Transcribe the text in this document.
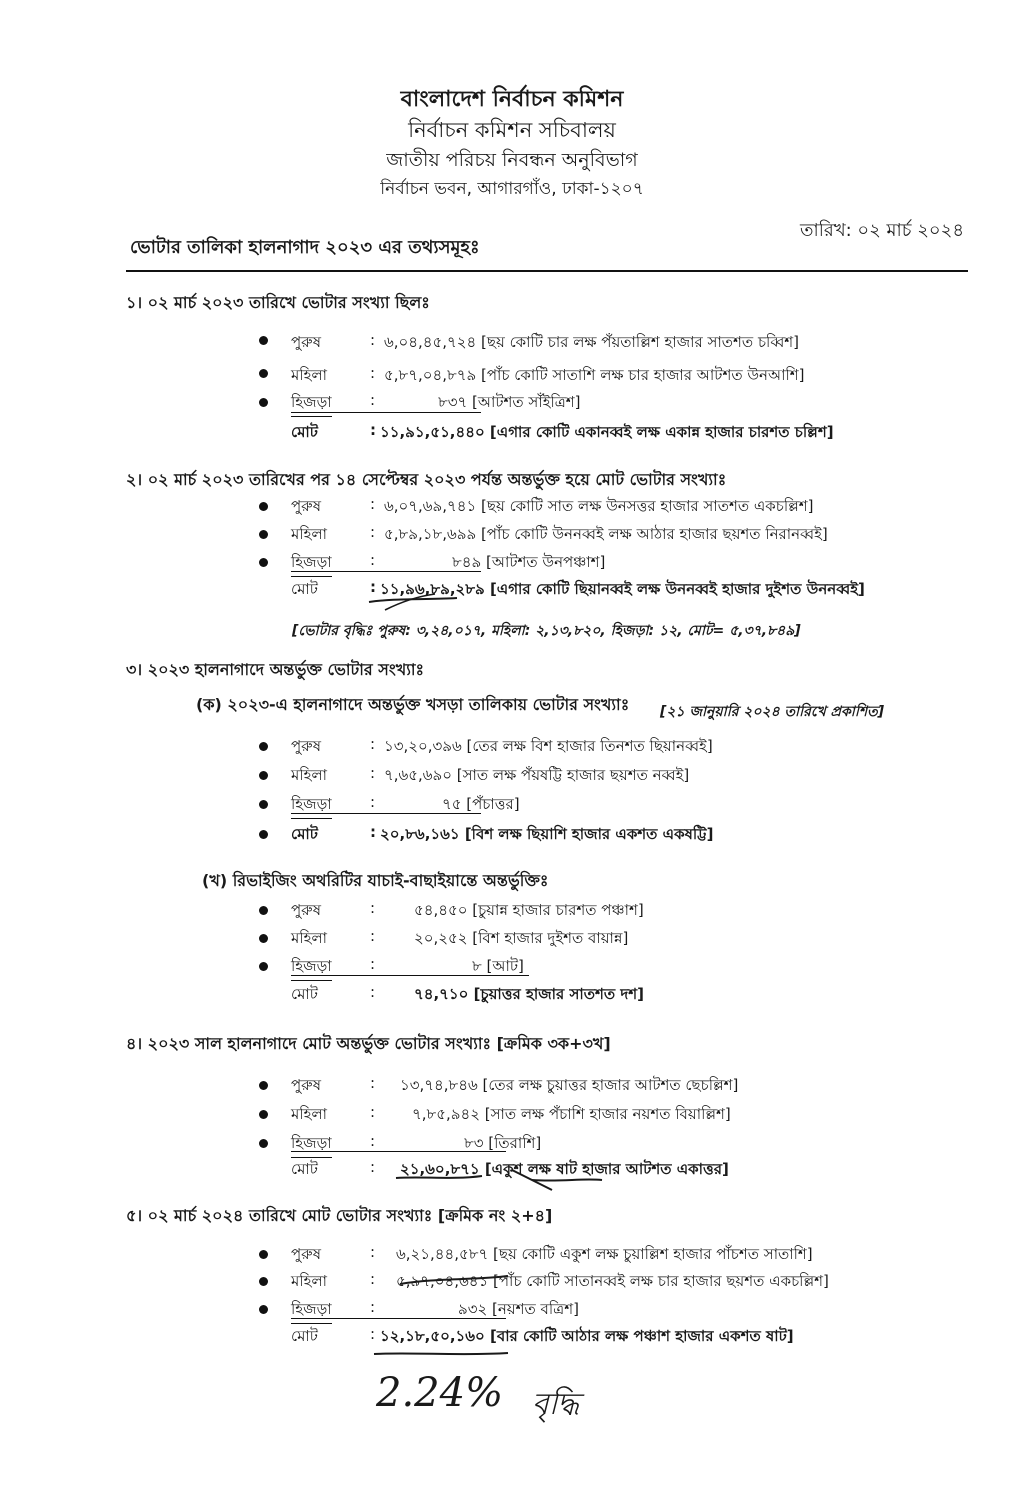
বাংলাদেশ নির্বাচন কমিশন
নির্বাচন কমিশন সচিবালয়
জাতীয় পরিচয় নিবন্ধন অনুবিভাগ
নির্বাচন ভবন, আগারগাঁও, ঢাকা-১২০৭
তারিখ: ০২ মার্চ ২০২৪
ভোটার তালিকা হালনাগাদ ২০২৩ এর তথ্যসমূহঃ
১। ০২ মার্চ ২০২৩ তারিখে ভোটার সংখ্যা ছিলঃ
পুরুষ	: ৬,০৪,৪৫,৭২৪ [ছয় কোটি চার লক্ষ পঁয়তাল্লিশ হাজার সাতশত চব্বিশ]
মহিলা	: ৫,৮৭,০৪,৮৭৯ [পাঁচ কোটি সাতাশি লক্ষ চার হাজার আটশত উনআশি]
হিজড়া	:	৮৩৭ [আটশত সাঁইত্রিশ]
মোট	: ১১,৯১,৫১,৪৪০ [এগার কোটি একানব্বই লক্ষ একান্ন হাজার চারশত চল্লিশ]
২। ০২ মার্চ ২০২৩ তারিখের পর ১৪ সেপ্টেম্বর ২০২৩ পর্যন্ত অন্তর্ভুক্ত হয়ে মোট ভোটার সংখ্যাঃ
পুরুষ	: ৬,০৭,৬৯,৭৪১ [ছয় কোটি সাত লক্ষ উনসত্তর হাজার সাতশত একচল্লিশ]
মহিলা	: ৫,৮৯,১৮,৬৯৯ [পাঁচ কোটি উননব্বই লক্ষ আঠার হাজার ছয়শত নিরানব্বই]
হিজড়া	:	৮৪৯ [আটশত উনপঞ্চাশ]
মোট	: ১১,৯৬,৮৯,২৮৯ [এগার কোটি ছিয়ানব্বই লক্ষ উননব্বই হাজার দুইশত উননব্বই]
[ভোটার বৃদ্ধিঃ পুরুষ: ৩,২৪,০১৭, মহিলা: ২,১৩,৮২০, হিজড়া: ১২, মোট= ৫,৩৭,৮৪৯]
৩। ২০২৩ হালনাগাদে অন্তর্ভুক্ত ভোটার সংখ্যাঃ
(ক) ২০২৩-এ হালনাগাদে অন্তর্ভুক্ত খসড়া তালিকায় ভোটার সংখ্যাঃ [২১ জানুয়ারি ২০২৪ তারিখে প্রকাশিত]
পুরুষ	: ১৩,২০,৩৯৬ [তের লক্ষ বিশ হাজার তিনশত ছিয়ানব্বই]
মহিলা	: ৭,৬৫,৬৯০ [সাত লক্ষ পঁয়ষট্টি হাজার ছয়শত নব্বই]
হিজড়া	:	৭৫ [পঁচাত্তর]
মোট	: ২০,৮৬,১৬১ [বিশ লক্ষ ছিয়াশি হাজার একশত একষট্টি]
(খ) রিভাইজিং অথরিটির যাচাই-বাছাইয়ান্তে অন্তর্ভুক্তিঃ
পুরুষ	:	৫৪,৪৫০ [চুয়ান্ন হাজার চারশত পঞ্চাশ]
মহিলা	:	২০,২৫২ [বিশ হাজার দুইশত বায়ান্ন]
হিজড়া	:	৮ [আট]
মোট	:	৭৪,৭১০ [চুয়াত্তর হাজার সাতশত দশ]
৪। ২০২৩ সাল হালনাগাদে মোট অন্তর্ভুক্ত ভোটার সংখ্যাঃ [ক্রমিক ৩ক+৩খ]
পুরুষ	: ১৩,৭৪,৮৪৬ [তের লক্ষ চুয়াত্তর হাজার আটশত ছেচল্লিশ]
মহিলা	: ৭,৮৫,৯৪২ [সাত লক্ষ পঁচাশি হাজার নয়শত বিয়াল্লিশ]
হিজড়া	:	৮৩ [তিরাশি]
মোট	: ২১,৬০,৮৭১ [একুশ লক্ষ ষাট হাজার আটশত একাত্তর]
৫। ০২ মার্চ ২০২৪ তারিখে মোট ভোটার সংখ্যাঃ [ক্রমিক নং ২+৪]
পুরুষ	: ৬,২১,৪৪,৫৮৭ [ছয় কোটি একুশ লক্ষ চুয়াল্লিশ হাজার পাঁচশত সাতাশি]
মহিলা	: ৫,৯৭,০৪,৬৪১ [পাঁচ কোটি সাতানব্বই লক্ষ চার হাজার ছয়শত একচল্লিশ]
হিজড়া	:	৯৩২ [নয়শত বত্রিশ]
মোট	: ১২,১৮,৫০,১৬০ [বার কোটি আঠার লক্ষ পঞ্চাশ হাজার একশত ষাট]
2.24% বৃদ্ধি
